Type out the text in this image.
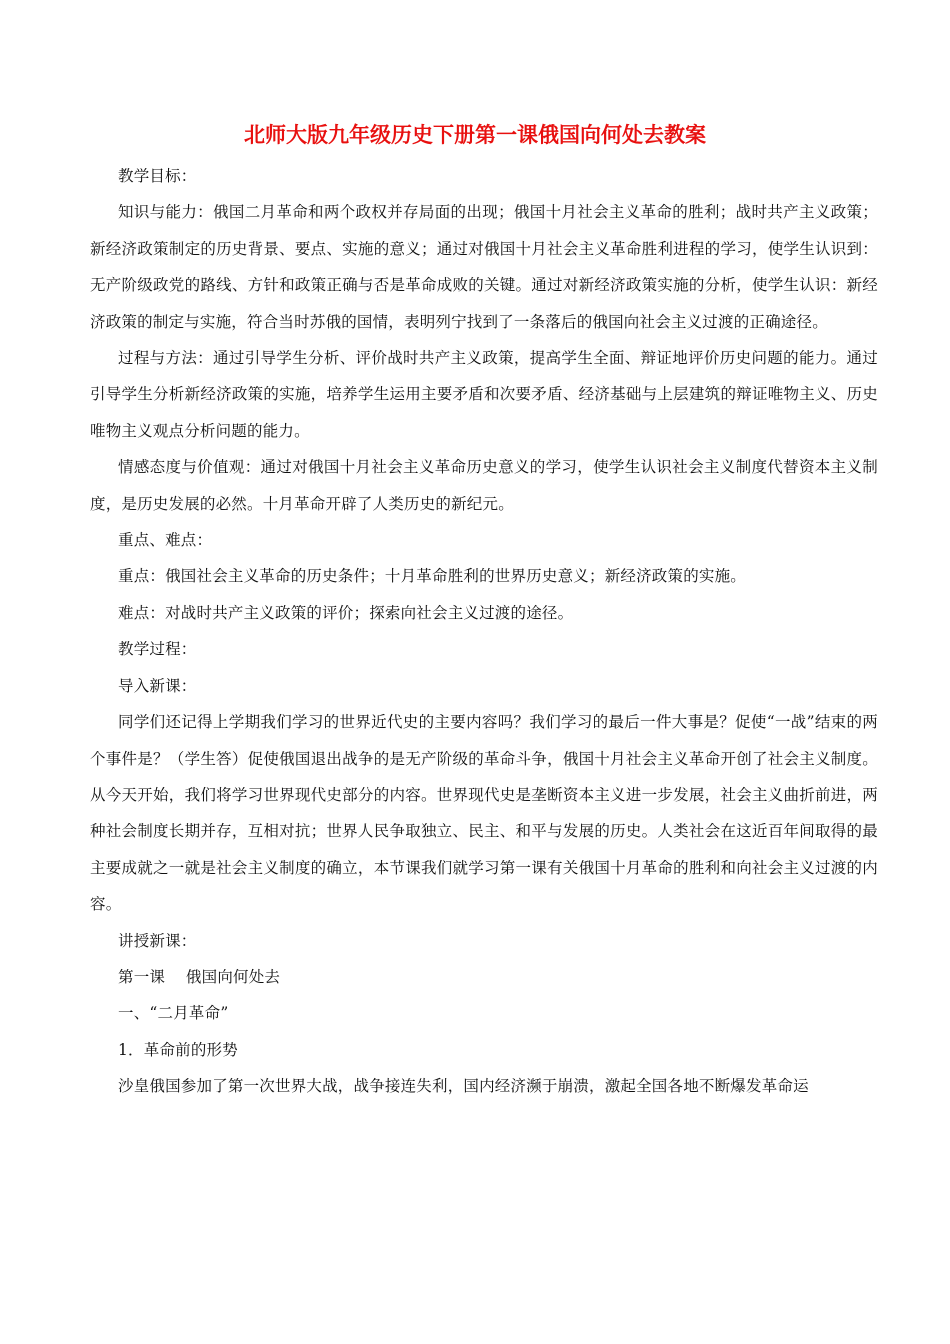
北师大版九年级历史下册第一课俄国向何处去教案

教学目标：

知识与能力：俄国二月革命和两个政权并存局面的出现；俄国十月社会主义革命的胜利；战时共产主义政策；新经济政策制定的历史背景、要点、实施的意义；通过对俄国十月社会主义革命胜利进程的学习，使学生认识到：无产阶级政党的路线、方针和政策正确与否是革命成败的关键。通过对新经济政策实施的分析，使学生认识：新经济政策的制定与实施，符合当时苏俄的国情，表明列宁找到了一条落后的俄国向社会主义过渡的正确途径。

过程与方法：通过引导学生分析、评价战时共产主义政策，提高学生全面、辩证地评价历史问题的能力。通过引导学生分析新经济政策的实施，培养学生运用主要矛盾和次要矛盾、经济基础与上层建筑的辩证唯物主义、历史唯物主义观点分析问题的能力。

情感态度与价值观：通过对俄国十月社会主义革命历史意义的学习，使学生认识社会主义制度代替资本主义制度，是历史发展的必然。十月革命开辟了人类历史的新纪元。

重点、难点：

重点：俄国社会主义革命的历史条件；十月革命胜利的世界历史意义；新经济政策的实施。

难点：对战时共产主义政策的评价；探索向社会主义过渡的途径。

教学过程：

导入新课：

同学们还记得上学期我们学习的世界近代史的主要内容吗？我们学习的最后一件大事是？促使“一战”结束的两个事件是？（学生答）促使俄国退出战争的是无产阶级的革命斗争，俄国十月社会主义革命开创了社会主义制度。从今天开始，我们将学习世界现代史部分的内容。世界现代史是垄断资本主义进一步发展，社会主义曲折前进，两种社会制度长期并存，互相对抗；世界人民争取独立、民主、和平与发展的历史。人类社会在这近百年间取得的最主要成就之一就是社会主义制度的确立，本节课我们就学习第一课有关俄国十月革命的胜利和向社会主义过渡的内容。

讲授新课：

第一课　 俄国向何处去

一、“二月革命”

1．革命前的形势

沙皇俄国参加了第一次世界大战，战争接连失利，国内经济濒于崩溃，激起全国各地不断爆发革命运
